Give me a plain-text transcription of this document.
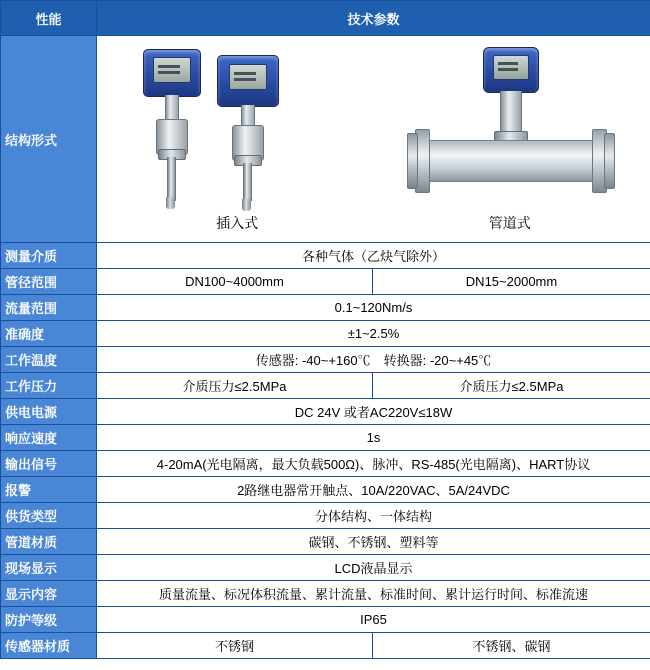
性能	技术参数	
结构形式	插入式 管道式	

测量介质	各种气体（乙炔气除外）	
管径范围	DN100~4000mm	DN15~2000mm
流量范围	0.1~120Nm/s	
准确度	±1~2.5%	
工作温度	传感器: -40~+160℃　转换器: -20~+45℃	
工作压力	介质压力≤2.5MPa	介质压力≤2.5MPa
供电电源	DC 24V 或者AC220V≤18W	
响应速度	1s	
输出信号	4-20mA(光电隔离，最大负载500Ω)、脉冲、RS-485(光电隔离)、HART协议	
报警	2路继电器常开触点、10A/220VAC、5A/24VDC	
供货类型	分体结构、一体结构	
管道材质	碳钢、不锈钢、塑料等	
现场显示	LCD液晶显示	
显示内容	质量流量、标况体积流量、累计流量、标准时间、累计运行时间、标准流速	
防护等级	IP65	
传感器材质	不锈钢	不锈钢、碳钢
